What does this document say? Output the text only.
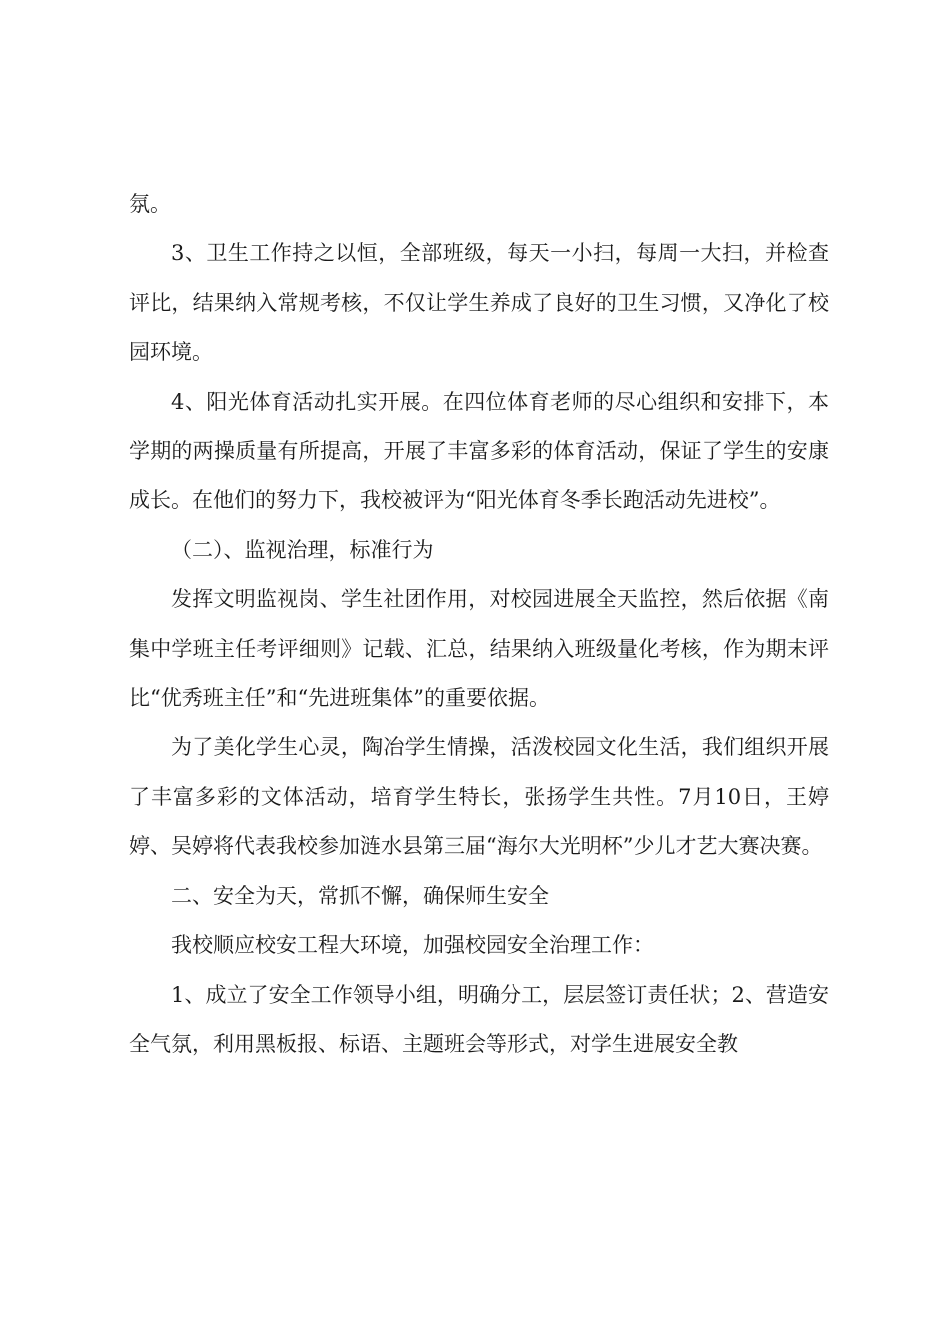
氛。

3、卫生工作持之以恒，全部班级，每天一小扫，每周一大扫，并检查评比，结果纳入常规考核，不仅让学生养成了良好的卫生习惯，又净化了校园环境。

4、阳光体育活动扎实开展。在四位体育老师的尽心组织和安排下，本学期的两操质量有所提高，开展了丰富多彩的体育活动，保证了学生的安康成长。在他们的努力下，我校被评为“阳光体育冬季长跑活动先进校”。

（二）、监视治理，标准行为

发挥文明监视岗、学生社团作用，对校园进展全天监控，然后依据《南集中学班主任考评细则》记载、汇总，结果纳入班级量化考核，作为期末评比“优秀班主任”和“先进班集体”的重要依据。

为了美化学生心灵，陶冶学生情操，活泼校园文化生活，我们组织开展了丰富多彩的文体活动，培育学生特长，张扬学生共性。7月10日，王婷婷、吴婷将代表我校参加涟水县第三届“海尔大光明杯”少儿才艺大赛决赛。

二、安全为天，常抓不懈，确保师生安全

我校顺应校安工程大环境，加强校园安全治理工作：

1、成立了安全工作领导小组，明确分工，层层签订责任状；2、营造安全气氛，利用黑板报、标语、主题班会等形式，对学生进展安全教
